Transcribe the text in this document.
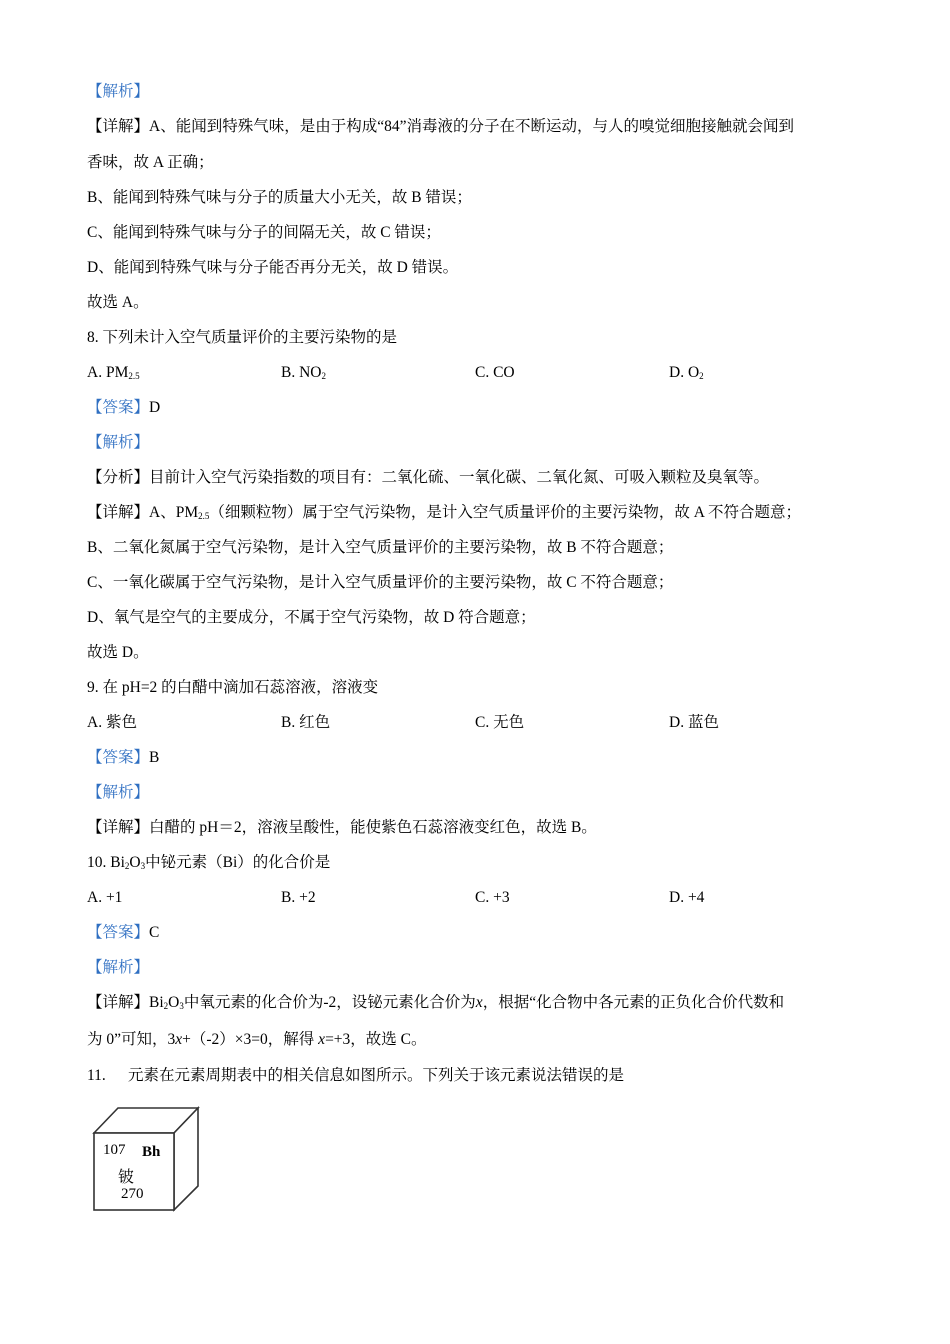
【解析】
【详解】A、能闻到特殊气味，是由于构成“84”消毒液的分子在不断运动，与人的嗅觉细胞接触就会闻到
香味，故 A 正确；
B、能闻到特殊气味与分子的质量大小无关，故 B 错误；
C、能闻到特殊气味与分子的间隔无关，故 C 错误；
D、能闻到特殊气味与分子能否再分无关，故 D 错误。
故选 A。
8. 下列未计入空气质量评价的主要污染物的是
A. $PM_{2.5}$	B. $NO_2$	C. CO	D. $O_2$
【答案】D
【解析】
【分析】目前计入空气污染指数的项目有：二氧化硫、一氧化碳、二氧化氮、可吸入颗粒及臭氧等。
【详解】A、$PM_{2.5}$（细颗粒物）属于空气污染物，是计入空气质量评价的主要污染物，故 A 不符合题意；
B、二氧化氮属于空气污染物，是计入空气质量评价的主要污染物，故 B 不符合题意；
C、一氧化碳属于空气污染物，是计入空气质量评价的主要污染物，故 C 不符合题意；
D、氧气是空气的主要成分，不属于空气污染物，故 D 符合题意；
故选 D。
9. 在 pH=2 的白醋中滴加石蕊溶液，溶液变
A. 紫色	B. 红色	C. 无色	D. 蓝色
【答案】B
【解析】
【详解】白醋的 pH＝2，溶液呈酸性，能使紫色石蕊溶液变红色，故选 B。
10. $Bi_2O_3$中铋元素（Bi）的化合价是
A. +1	B. +2	C. +3	D. +4
【答案】C
【解析】
【详解】$Bi_2O_3$中氧元素的化合价为-2，设铋元素化合价为x，根据“化合物中各元素的正负化合价代数和
为 0”可知，3x+（-2）×3=0，解得 x=+3，故选 C。
11. 元素在元素周期表中的相关信息如图所示。下列关于该元素说法错误的是
107 Bh
铍
270
